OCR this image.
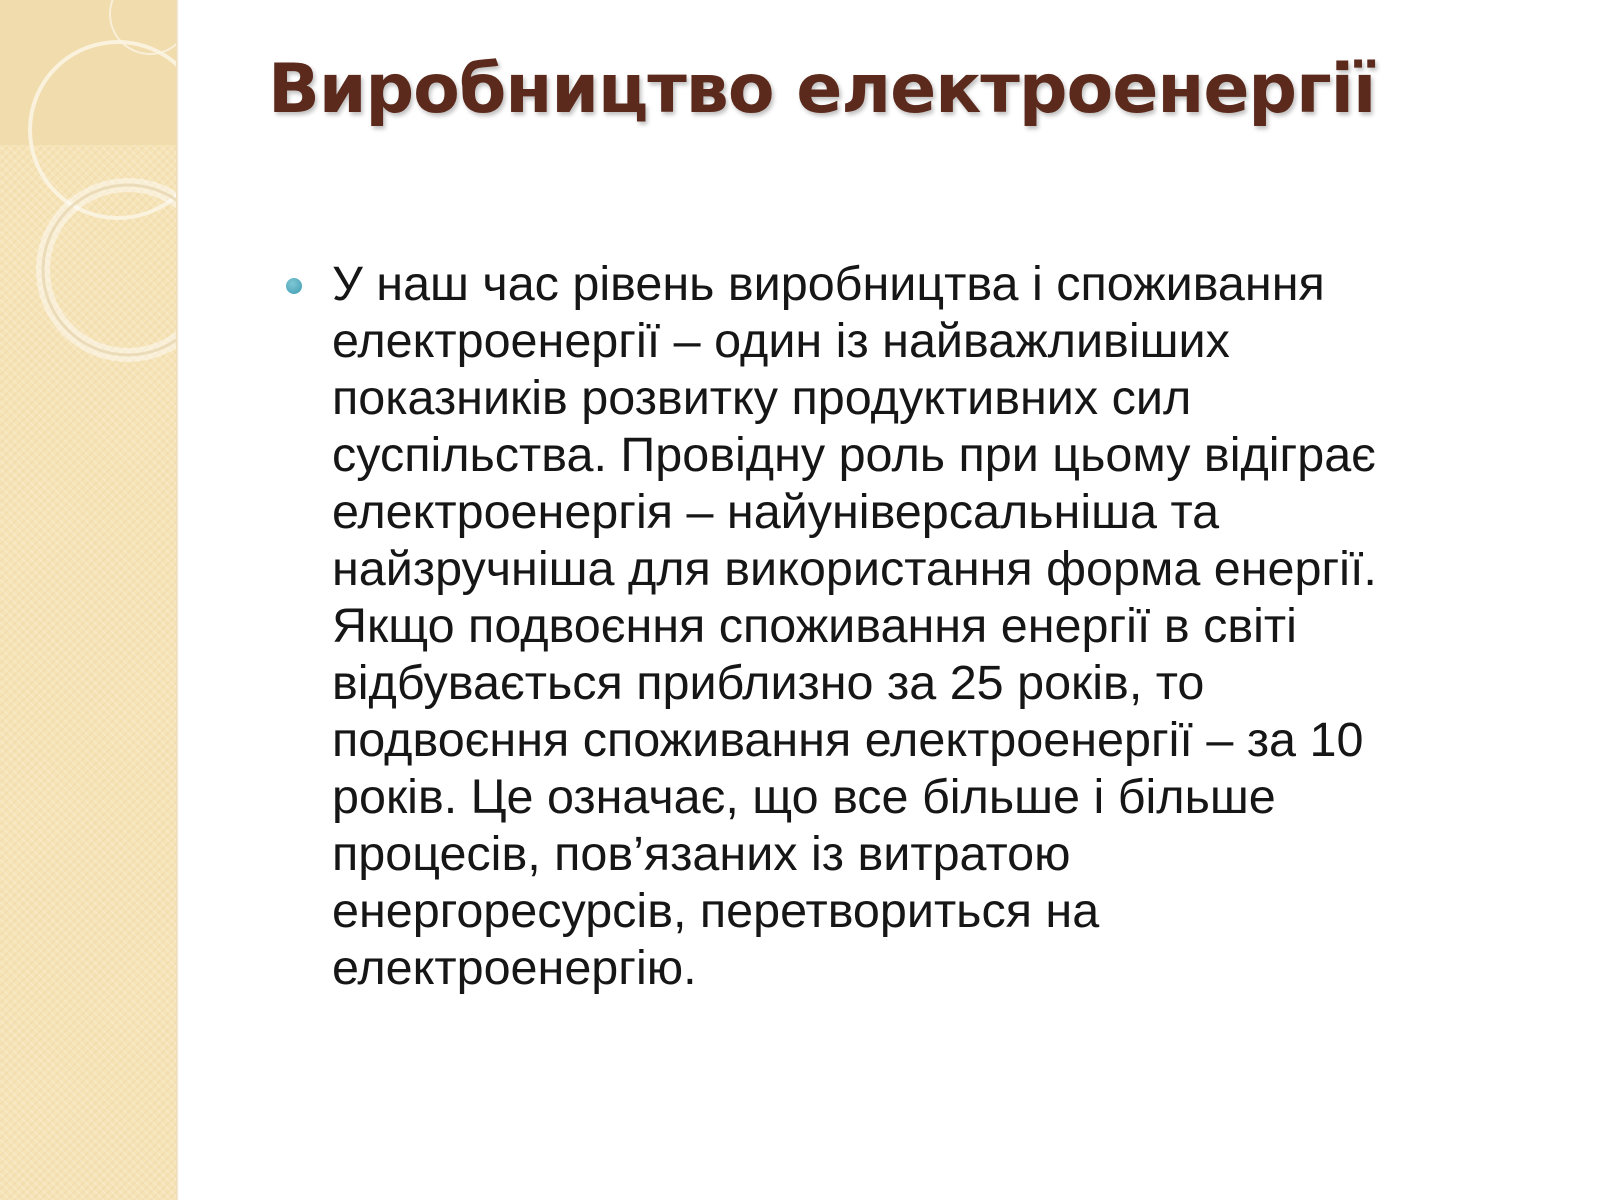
Виробництво електроенергії

У наш час рівень виробництва і споживання
електроенергії – один із найважливіших
показників розвитку продуктивних сил
суспільства. Провідну роль при цьому відіграє
електроенергія – найуніверсальніша та
найзручніша для використання форма енергії.
Якщо подвоєння споживання енергії в світі
відбувається приблизно за 25 років, то
подвоєння споживання електроенергії – за 10
років. Це означає, що все більше і більше
процесів, пов’язаних із витратою
енергоресурсів, перетвориться на
електроенергію.
